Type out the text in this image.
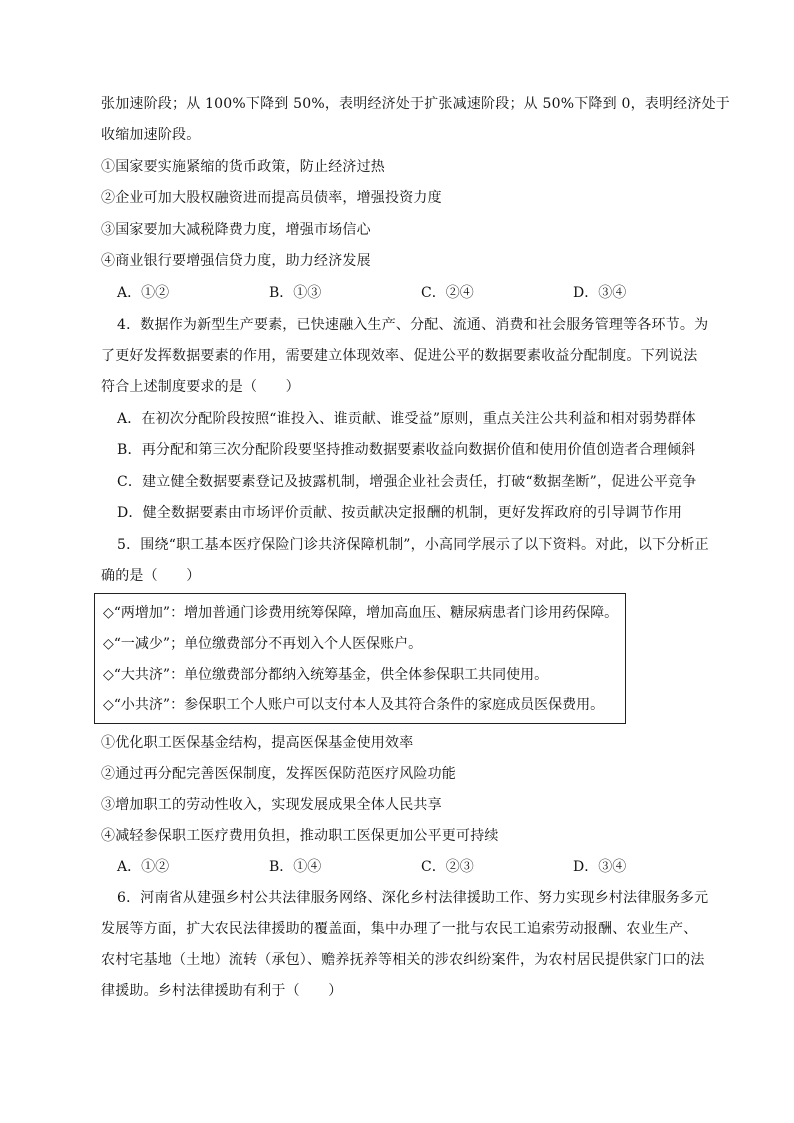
张加速阶段；从 100%下降到 50%，表明经济处于扩张减速阶段；从 50%下降到 0，表明经济处于
收缩加速阶段。
①国家要实施紧缩的货币政策，防止经济过热
②企业可加大股权融资进而提高员债率，增强投资力度
③国家要加大减税降费力度，增强市场信心
④商业银行要增强信贷力度，助力经济发展
A．①②	B．①③	C．②④	D．③④
4．数据作为新型生产要素，已快速融入生产、分配、流通、消费和社会服务管理等各环节。为
了更好发挥数据要素的作用，需要建立体现效率、促进公平的数据要素收益分配制度。下列说法
符合上述制度要求的是（　　）
A．在初次分配阶段按照“谁投入、谁贡献、谁受益”原则，重点关注公共利益和相对弱势群体
B．再分配和第三次分配阶段要坚持推动数据要素收益向数据价值和使用价值创造者合理倾斜
C．建立健全数据要素登记及披露机制，增强企业社会责任，打破“数据垄断”，促进公平竞争
D．健全数据要素由市场评价贡献、按贡献决定报酬的机制，更好发挥政府的引导调节作用
5．围绕“职工基本医疗保险门诊共济保障机制”，小高同学展示了以下资料。对此，以下分析正
确的是（　　）
◇“两增加”：增加普通门诊费用统筹保障，增加高血压、糖尿病患者门诊用药保障。
◇“一减少”；单位缴费部分不再划入个人医保账户。
◇“大共济”：单位缴费部分都纳入统筹基金，供全体参保职工共同使用。
◇“小共济”：参保职工个人账户可以支付本人及其符合条件的家庭成员医保费用。
①优化职工医保基金结构，提高医保基金使用效率
②通过再分配完善医保制度，发挥医保防范医疗风险功能
③增加职工的劳动性收入，实现发展成果全体人民共享
④减轻参保职工医疗费用负担，推动职工医保更加公平更可持续
A．①②	B．①④	C．②③	D．③④
6．河南省从建强乡村公共法律服务网络、深化乡村法律援助工作、努力实现乡村法律服务多元
发展等方面，扩大农民法律援助的覆盖面，集中办理了一批与农民工追索劳动报酬、农业生产、
农村宅基地（土地）流转（承包）、赡养抚养等相关的涉农纠纷案件，为农村居民提供家门口的法
律援助。乡村法律援助有利于（　　）
